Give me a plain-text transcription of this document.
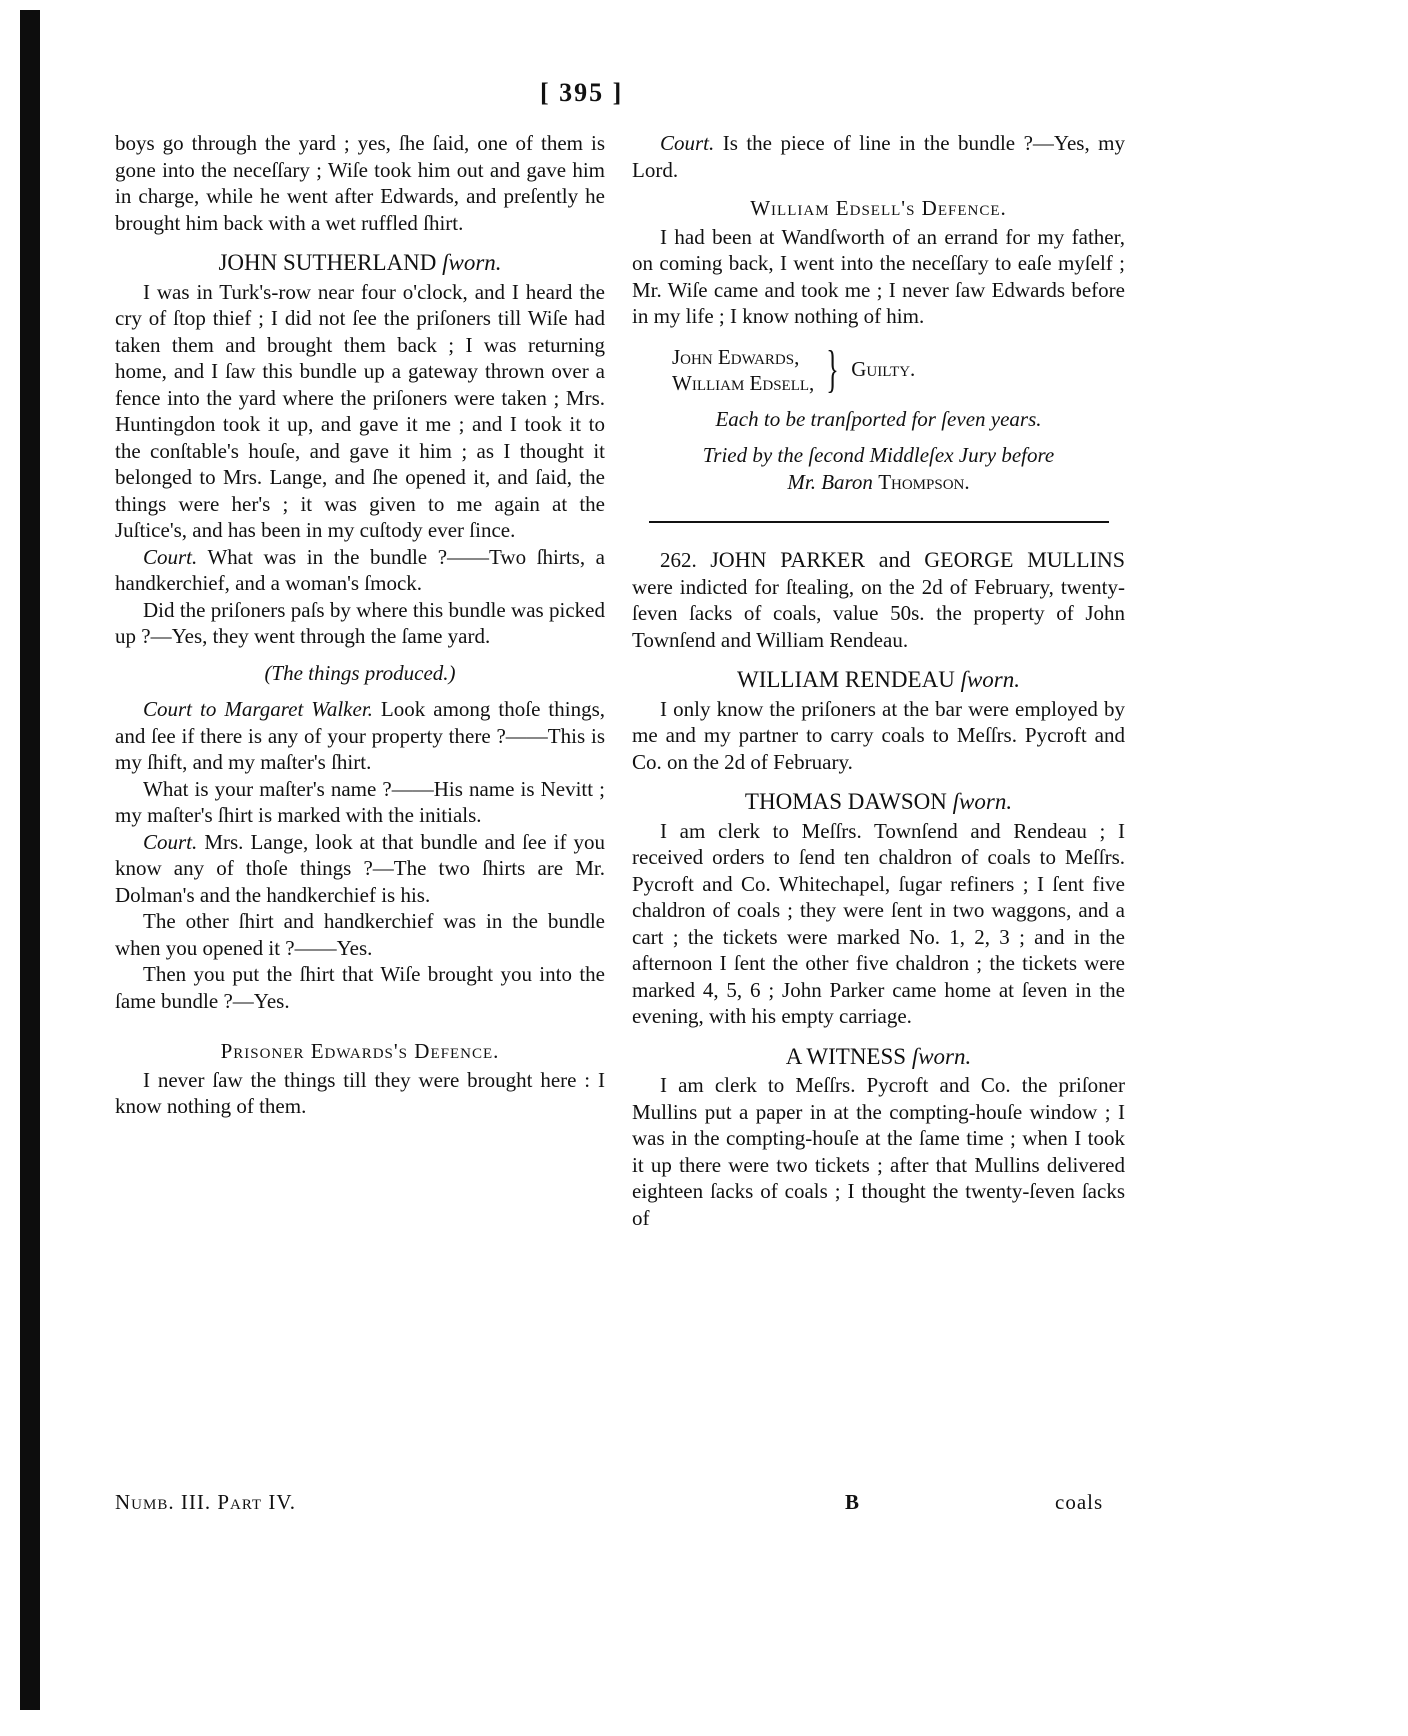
[ 395 ]

boys go through the yard ; yes, ſhe ſaid, one of them is gone into the neceſſary ; Wiſe took him out and gave him in charge, while he went after Edwards, and preſently he brought him back with a wet ruffled ſhirt.

JOHN SUTHERLAND ſworn.

I was in Turk's-row near four o'clock, and I heard the cry of ſtop thief ; I did not ſee the priſoners till Wiſe had taken them and brought them back ; I was returning home, and I ſaw this bundle up a gateway thrown over a fence into the yard where the priſoners were taken ; Mrs. Huntingdon took it up, and gave it me ; and I took it to the conſtable's houſe, and gave it him ; as I thought it belonged to Mrs. Lange, and ſhe opened it, and ſaid, the things were her's ; it was given to me again at the Juſtice's, and has been in my cuſtody ever ſince.

Court. What was in the bundle ?——Two ſhirts, a handkerchief, and a woman's ſmock.

Did the priſoners paſs by where this bundle was picked up ?—Yes, they went through the ſame yard.

(The things produced.)

Court to Margaret Walker. Look among thoſe things, and ſee if there is any of your property there ?——This is my ſhift, and my maſter's ſhirt.

What is your maſter's name ?——His name is Nevitt ; my maſter's ſhirt is marked with the initials.

Court. Mrs. Lange, look at that bundle and ſee if you know any of thoſe things ?—The two ſhirts are Mr. Dolman's and the handkerchief is his.

The other ſhirt and handkerchief was in the bundle when you opened it ?——Yes.

Then you put the ſhirt that Wiſe brought you into the ſame bundle ?—Yes.

Prisoner Edwards's Defence.

I never ſaw the things till they were brought here : I know nothing of them.

Court. Is the piece of line in the bundle ?—Yes, my Lord.

William Edsell's Defence.

I had been at Wandſworth of an errand for my father, on coming back, I went into the neceſſary to eaſe myſelf ; Mr. Wiſe came and took me ; I never ſaw Edwards before in my life ; I know nothing of him.

John Edwards,
William Edsell, } Guilty.

Each to be tranſported for ſeven years.

Tried by the ſecond Middleſex Jury before

Mr. Baron Thompson.

262. JOHN PARKER and GEORGE MULLINS were indicted for ſtealing, on the 2d of February, twenty-ſeven ſacks of coals, value 50s. the property of John Townſend and William Rendeau.

WILLIAM RENDEAU ſworn.

I only know the priſoners at the bar were employed by me and my partner to carry coals to Meſſrs. Pycroft and Co. on the 2d of February.

THOMAS DAWSON ſworn.

I am clerk to Meſſrs. Townſend and Rendeau ; I received orders to ſend ten chaldron of coals to Meſſrs. Pycroft and Co. Whitechapel, ſugar refiners ; I ſent five chaldron of coals ; they were ſent in two waggons, and a cart ; the tickets were marked No. 1, 2, 3 ; and in the afternoon I ſent the other five chaldron ; the tickets were marked 4, 5, 6 ; John Parker came home at ſeven in the evening, with his empty carriage.

A WITNESS ſworn.

I am clerk to Meſſrs. Pycroft and Co. the priſoner Mullins put a paper in at the compting-houſe window ; I was in the compting-houſe at the ſame time ; when I took it up there were two tickets ; after that Mullins delivered eighteen ſacks of coals ; I thought the twenty-ſeven ſacks of

Numb. III. Part IV.	B	coals
